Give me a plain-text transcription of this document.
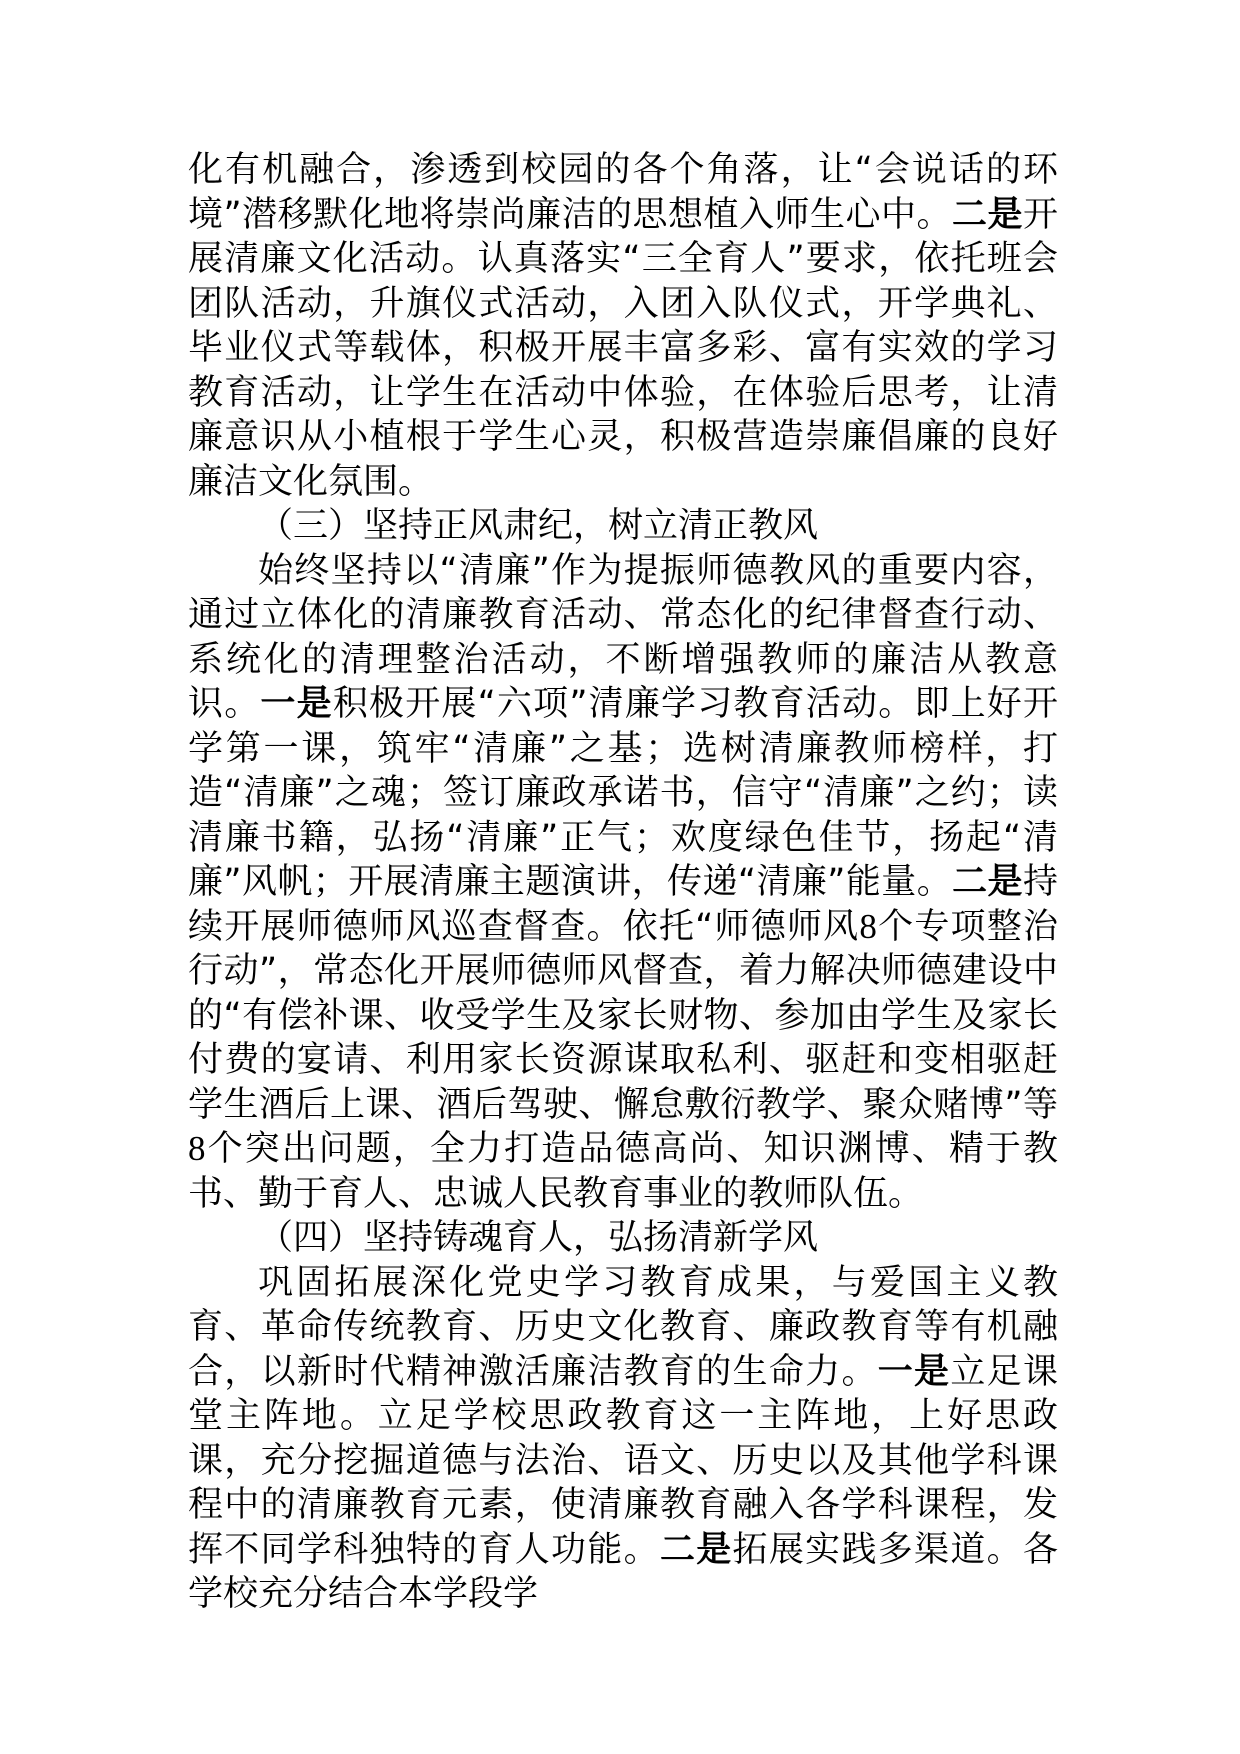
化有机融合，渗透到校园的各个角落，让“会说话的环境”潜移默化地将崇尚廉洁的思想植入师生心中。二是开展清廉文化活动。认真落实“三全育人”要求，依托班会团队活动，升旗仪式活动，入团入队仪式，开学典礼、毕业仪式等载体，积极开展丰富多彩、富有实效的学习教育活动，让学生在活动中体验，在体验后思考，让清廉意识从小植根于学生心灵，积极营造崇廉倡廉的良好廉洁文化氛围。

（三）坚持正风肃纪，树立清正教风

始终坚持以“清廉”作为提振师德教风的重要内容，通过立体化的清廉教育活动、常态化的纪律督查行动、系统化的清理整治活动，不断增强教师的廉洁从教意识。一是积极开展“六项”清廉学习教育活动。即上好开学第一课，筑牢“清廉”之基；选树清廉教师榜样，打造“清廉”之魂；签订廉政承诺书，信守“清廉”之约；读清廉书籍，弘扬“清廉”正气；欢度绿色佳节，扬起“清廉”风帆；开展清廉主题演讲，传递“清廉”能量。二是持续开展师德师风巡查督查。依托“师德师风8个专项整治行动”，常态化开展师德师风督查，着力解决师德建设中的“有偿补课、收受学生及家长财物、参加由学生及家长付费的宴请、利用家长资源谋取私利、驱赶和变相驱赶学生酒后上课、酒后驾驶、懈怠敷衍教学、聚众赌博”等8个突出问题，全力打造品德高尚、知识渊博、精于教书、勤于育人、忠诚人民教育事业的教师队伍。

（四）坚持铸魂育人，弘扬清新学风

巩固拓展深化党史学习教育成果，与爱国主义教育、革命传统教育、历史文化教育、廉政教育等有机融合，以新时代精神激活廉洁教育的生命力。一是立足课堂主阵地。立足学校思政教育这一主阵地，上好思政课，充分挖掘道德与法治、语文、历史以及其他学科课程中的清廉教育元素，使清廉教育融入各学科课程，发挥不同学科独特的育人功能。二是拓展实践多渠道。各学校充分结合本学段学
